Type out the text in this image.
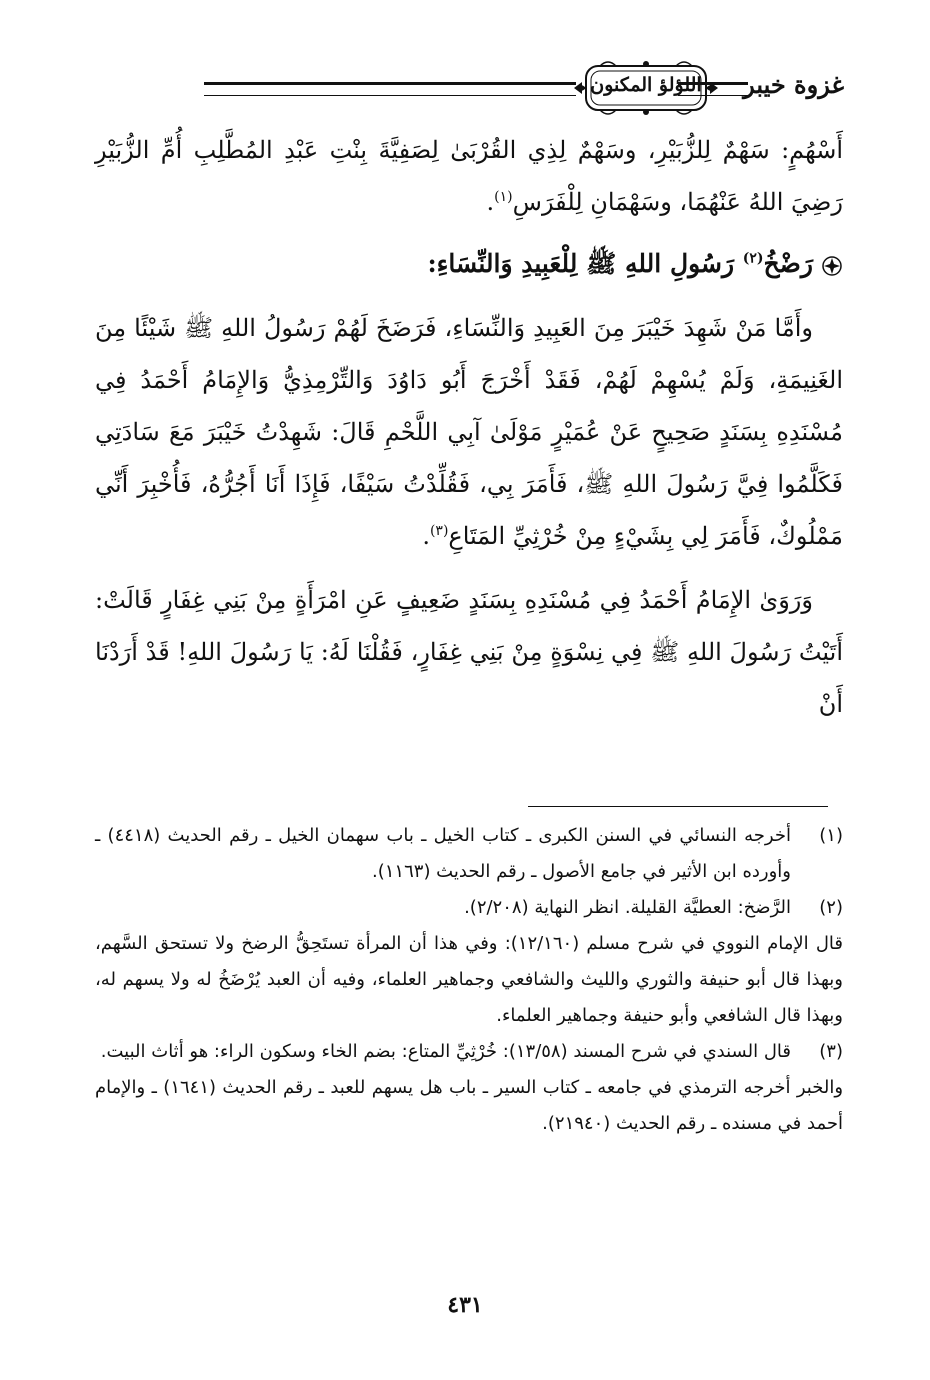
غزوة خيبر
اللؤلؤ المكنون

أَسْهُمٍ: سَهْمٌ لِلزُّبَيْرِ، وسَهْمٌ لِذِي القُرْبَىٰ لِصَفِيَّةَ بِنْتِ عَبْدِ المُطَّلِبِ أُمِّ الزُّبَيْرِ رَضِيَ اللهُ عَنْهُمَا، وسَهْمَانِ لِلْفَرَسِ$^{(١)}$.

رَضْخُ$^{(٢)}$ رَسُولِ اللهِ ﷺ لِلْعَبِيدِ وَالنِّسَاءِ:

وأَمَّا مَنْ شَهِدَ خَيْبَرَ مِنَ العَبِيدِ وَالنِّسَاءِ، فَرَضَخَ لَهُمْ رَسُولُ اللهِ ﷺ شَيْئًا مِنَ الغَنِيمَةِ، وَلَمْ يُسْهِمْ لَهُمْ، فَقَدْ أَخْرَجَ أَبُو دَاوُدَ وَالتِّرْمِذِيُّ وَالإِمَامُ أَحْمَدُ فِي مُسْنَدِهِ بِسَنَدٍ صَحِيحٍ عَنْ عُمَيْرٍ مَوْلَىٰ آبِي اللَّحْمِ قَالَ: شَهِدْتُ خَيْبَرَ مَعَ سَادَتِي فَكَلَّمُوا فِيَّ رَسُولَ اللهِ ﷺ، فَأَمَرَ بِي، فَقُلِّدْتُ سَيْفًا، فَإِذَا أَنَا أَجُرُّهُ، فَأُخْبِرَ أَنِّي مَمْلُوكٌ، فَأَمَرَ لِي بِشَيْءٍ مِنْ خُرْثِيِّ المَتَاعِ$^{(٣)}$.

وَرَوَىٰ الإِمَامُ أَحْمَدُ فِي مُسْنَدِهِ بِسَنَدٍ ضَعِيفٍ عَنِ امْرَأَةٍ مِنْ بَنِي غِفَارٍ قَالَتْ: أَتَيْتُ رَسُولَ اللهِ ﷺ فِي نِسْوَةٍ مِنْ بَنِي غِفَارٍ، فَقُلْنَا لَهُ: يَا رَسُولَ اللهِ! قَدْ أَرَدْنَا أَنْ

(١)

أخرجه النسائي في السنن الكبرى ـ كتاب الخيل ـ باب سهمان الخيل ـ رقم الحديث (٤٤١٨) ـ وأورده ابن الأثير في جامع الأصول ـ رقم الحديث (١١٦٣).

(٢)

الرَّضخ: العطيَّة القليلة. انظر النهاية (٢/٢٠٨).

قال الإمام النووي في شرح مسلم (١٢/١٦٠): وفي هذا أن المرأة تستَحِقُّ الرضخ ولا تستحق السَّهم، وبهذا قال أبو حنيفة والثوري والليث والشافعي وجماهير العلماء، وفيه أن العبد يُرْضَخُ له ولا يسهم له، وبهذا قال الشافعي وأبو حنيفة وجماهير العلماء.

(٣)

قال السندي في شرح المسند (١٣/٥٨): خُرْثِيِّ المتاع: بضم الخاء وسكون الراء: هو أثاث البيت.

والخبر أخرجه الترمذي في جامعه ـ كتاب السير ـ باب هل يسهم للعبد ـ رقم الحديث (١٦٤١) ـ والإمام أحمد في مسنده ـ رقم الحديث (٢١٩٤٠).

٤٣١
